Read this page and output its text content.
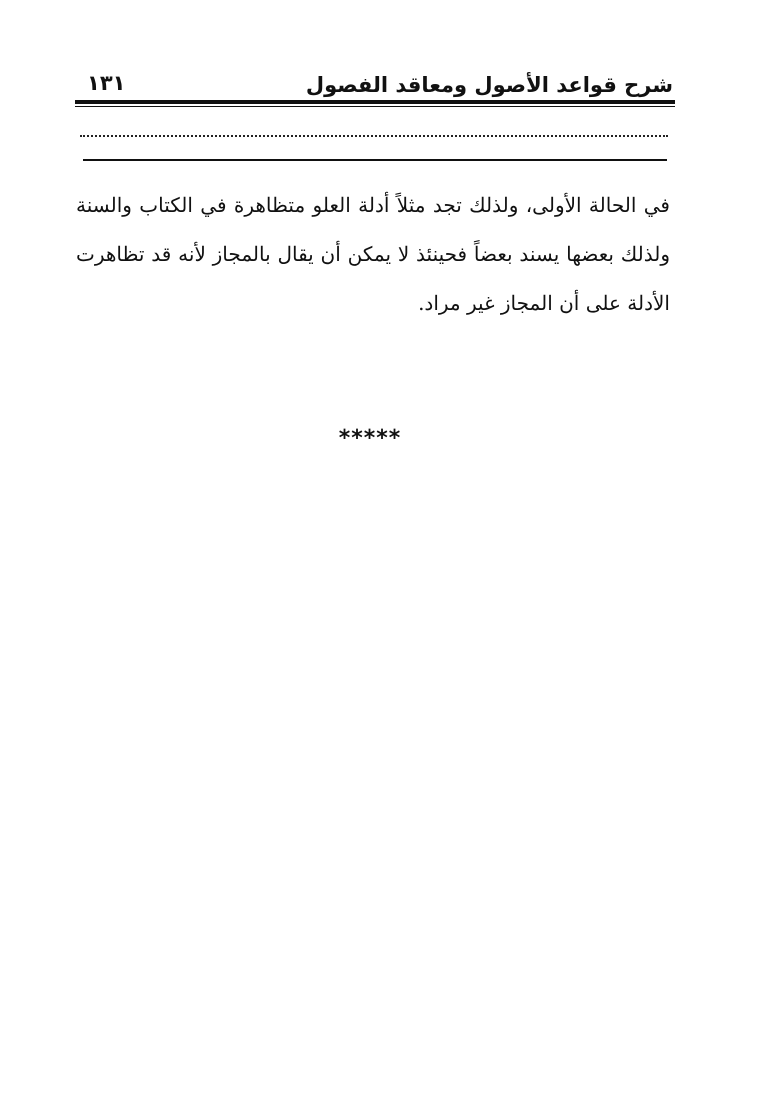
شرح قواعد الأصول ومعاقد الفصول
١٣١
في الحالة الأولى، ولذلك تجد مثلاً أدلة العلو متظاهرة في الكتاب والسنة ولذلك بعضها يسند بعضاً فحينئذ لا يمكن أن يقال بالمجاز لأنه قد تظاهرت الأدلة على أن المجاز غير مراد.
*****
